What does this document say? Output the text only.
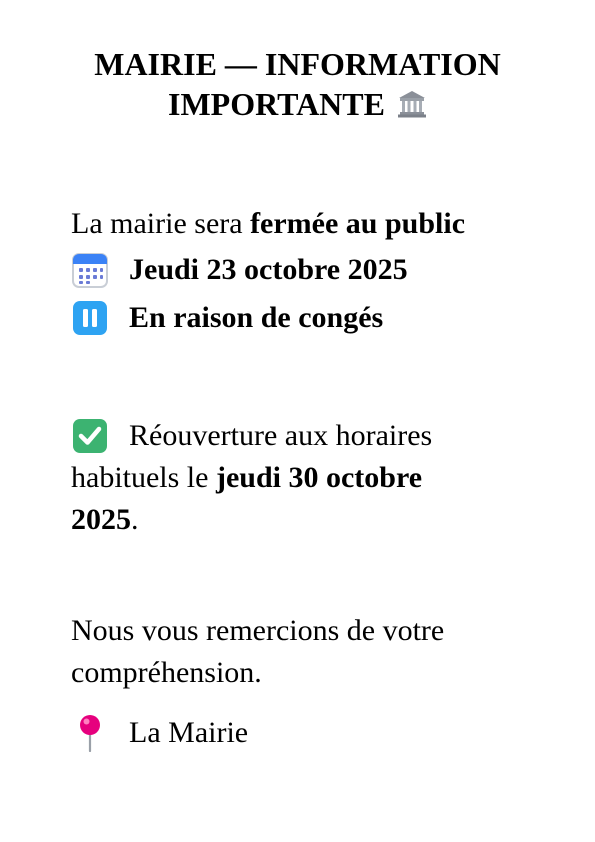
MAIRIE — INFORMATION
IMPORTANTE
La mairie sera fermée au public
Jeudi 23 octobre 2025
En raison de congés
Réouverture aux horaires
habituels le jeudi 30 octobre
2025.
Nous vous remercions de votre
compréhension.
La Mairie
